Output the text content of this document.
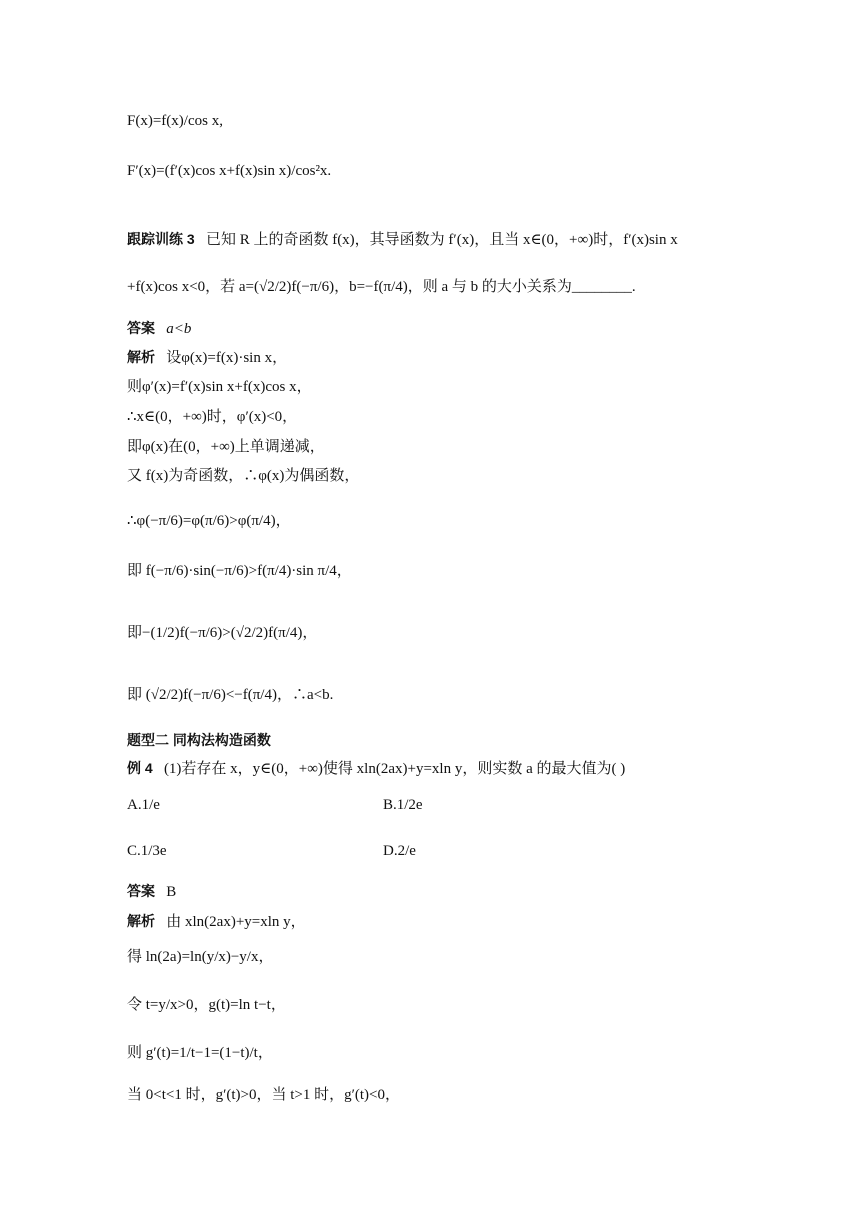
F(x)=f(x)/cos x,
F′(x)=(f′(x)cos x+f(x)sin x)/cos²x.
跟踪训练 3 已知 R 上的奇函数 f(x)，其导函数为 f′(x)，且当 x∈(0，+∞)时，f′(x)sin x
+f(x)cos x<0，若 a=(√2/2)f(−π/6)，b=−f(π/4)，则 a 与 b 的大小关系为________.
答案 a<b
解析 设φ(x)=f(x)·sin x，
则φ′(x)=f′(x)sin x+f(x)cos x，
∴x∈(0，+∞)时，φ′(x)<0，
即φ(x)在(0，+∞)上单调递减，
又 f(x)为奇函数，∴φ(x)为偶函数，
∴φ(−π/6)=φ(π/6)>φ(π/4)，
即 f(−π/6)·sin(−π/6)>f(π/4)·sin π/4，
即−(1/2)f(−π/6)>(√2/2)f(π/4)，
即 (√2/2)f(−π/6)<−f(π/4)，∴a<b.
题型二 同构法构造函数
例 4 (1)若存在 x，y∈(0，+∞)使得 xln(2ax)+y=xln y，则实数 a 的最大值为( )
A.1/e	B.1/2e
C.1/3e	D.2/e
答案 B
解析 由 xln(2ax)+y=xln y，
得 ln(2a)=ln(y/x)−y/x，
令 t=y/x>0，g(t)=ln t−t，
则 g′(t)=1/t−1=(1−t)/t，
当 0<t<1 时，g′(t)>0，当 t>1 时，g′(t)<0，
